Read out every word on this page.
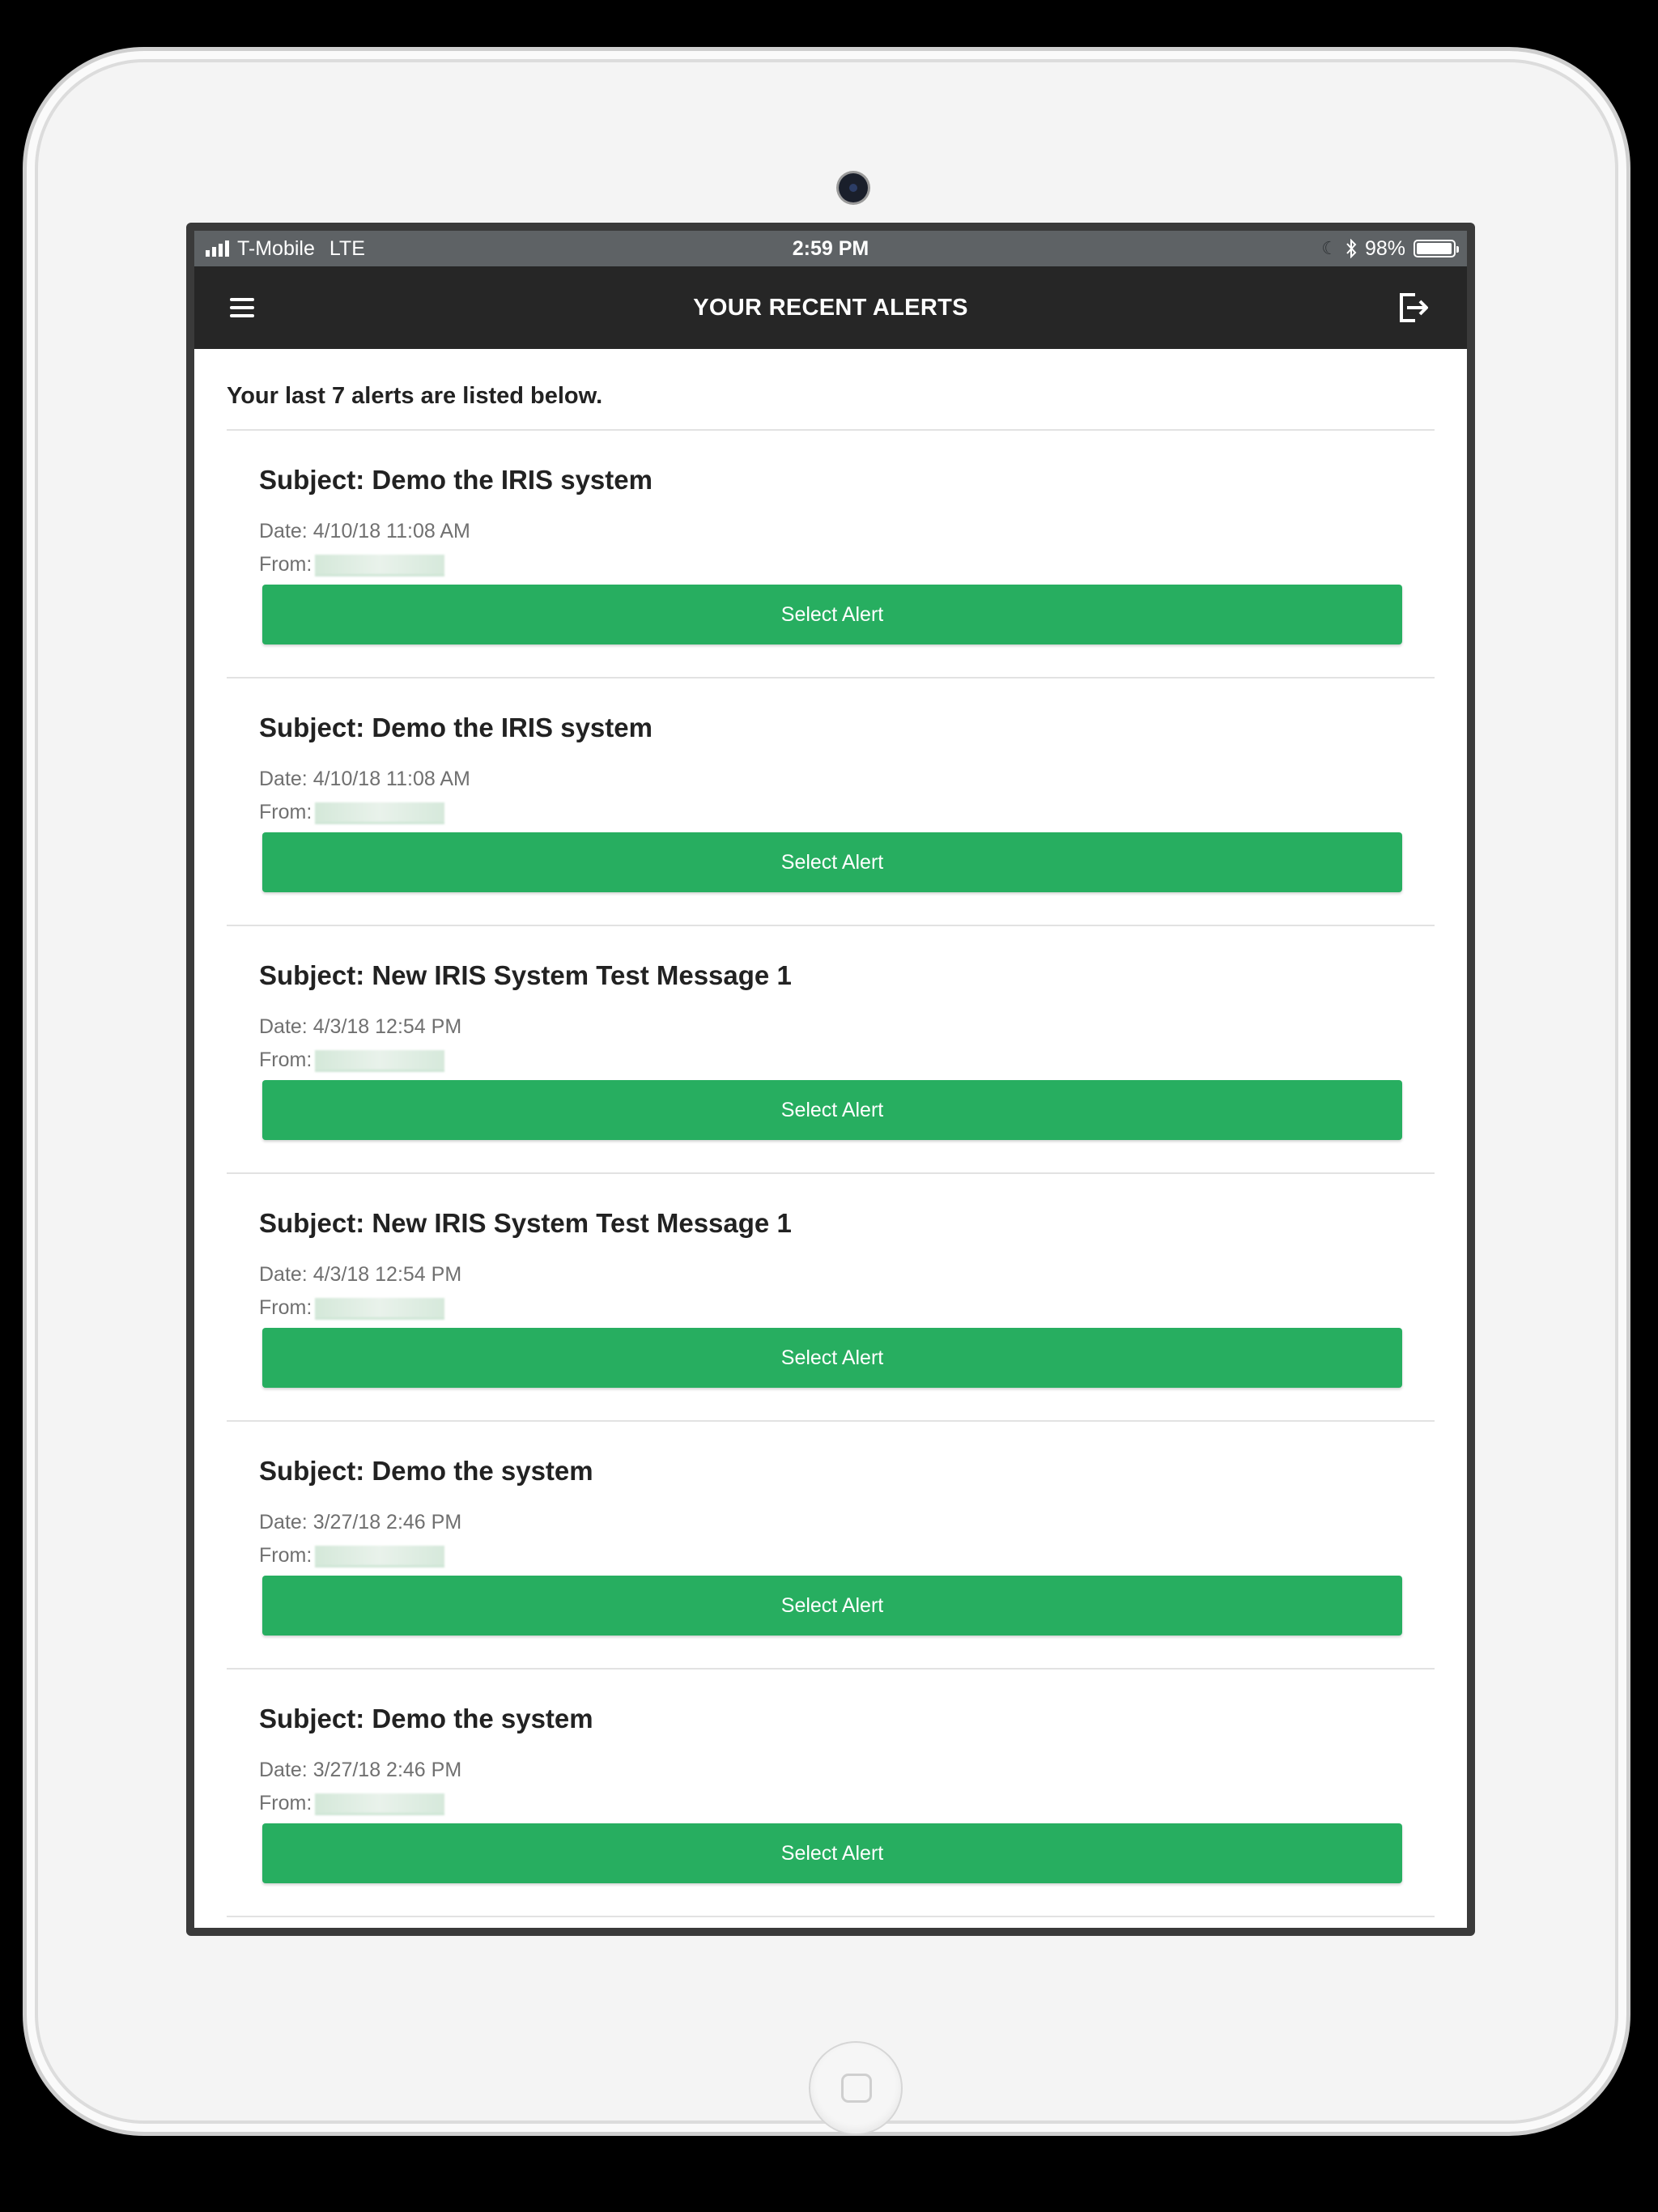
T-Mobile LTE	2:59 PM	☾ 98%
YOUR RECENT ALERTS
Your last 7 alerts are listed below.
Subject: Demo the IRIS system
Date: 4/10/18 11:08 AM
From:
Select Alert
Subject: Demo the IRIS system
Date: 4/10/18 11:08 AM
From:
Select Alert
Subject: New IRIS System Test Message 1
Date: 4/3/18 12:54 PM
From:
Select Alert
Subject: New IRIS System Test Message 1
Date: 4/3/18 12:54 PM
From:
Select Alert
Subject: Demo the system
Date: 3/27/18 2:46 PM
From:
Select Alert
Subject: Demo the system
Date: 3/27/18 2:46 PM
From:
Select Alert
